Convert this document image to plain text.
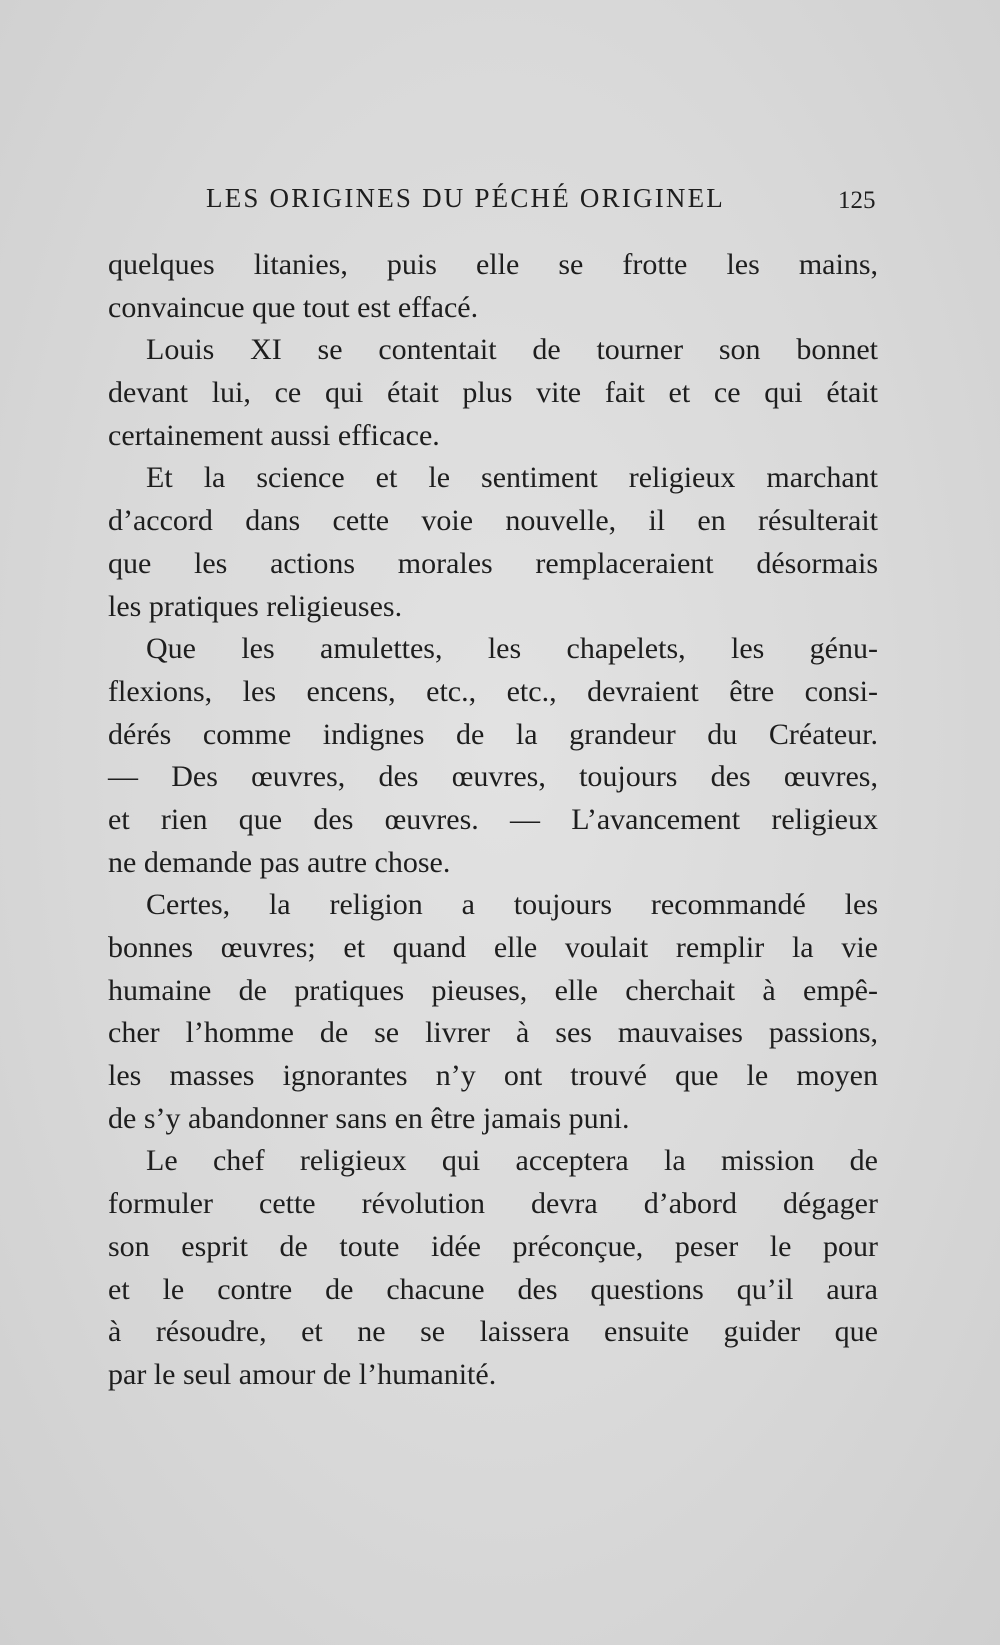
LES ORIGINES DU PÉCHÉ ORIGINEL	125
quelques litanies, puis elle se frotte les mains,
convaincue que tout est effacé.
Louis XI se contentait de tourner son bonnet
devant lui, ce qui était plus vite fait et ce qui était
certainement aussi efficace.
Et la science et le sentiment religieux marchant
d’accord dans cette voie nouvelle, il en résulterait
que les actions morales remplaceraient désormais
les pratiques religieuses.
Que les amulettes, les chapelets, les génu-
flexions, les encens, etc., etc., devraient être consi-
dérés comme indignes de la grandeur du Créateur.
— Des œuvres, des œuvres, toujours des œuvres,
et rien que des œuvres. — L’avancement religieux
ne demande pas autre chose.
Certes, la religion a toujours recommandé les
bonnes œuvres; et quand elle voulait remplir la vie
humaine de pratiques pieuses, elle cherchait à empê-
cher l’homme de se livrer à ses mauvaises passions,
les masses ignorantes n’y ont trouvé que le moyen
de s’y abandonner sans en être jamais puni.
Le chef religieux qui acceptera la mission de
formuler cette révolution devra d’abord dégager
son esprit de toute idée préconçue, peser le pour
et le contre de chacune des questions qu’il aura
à résoudre, et ne se laissera ensuite guider que
par le seul amour de l’humanité.
